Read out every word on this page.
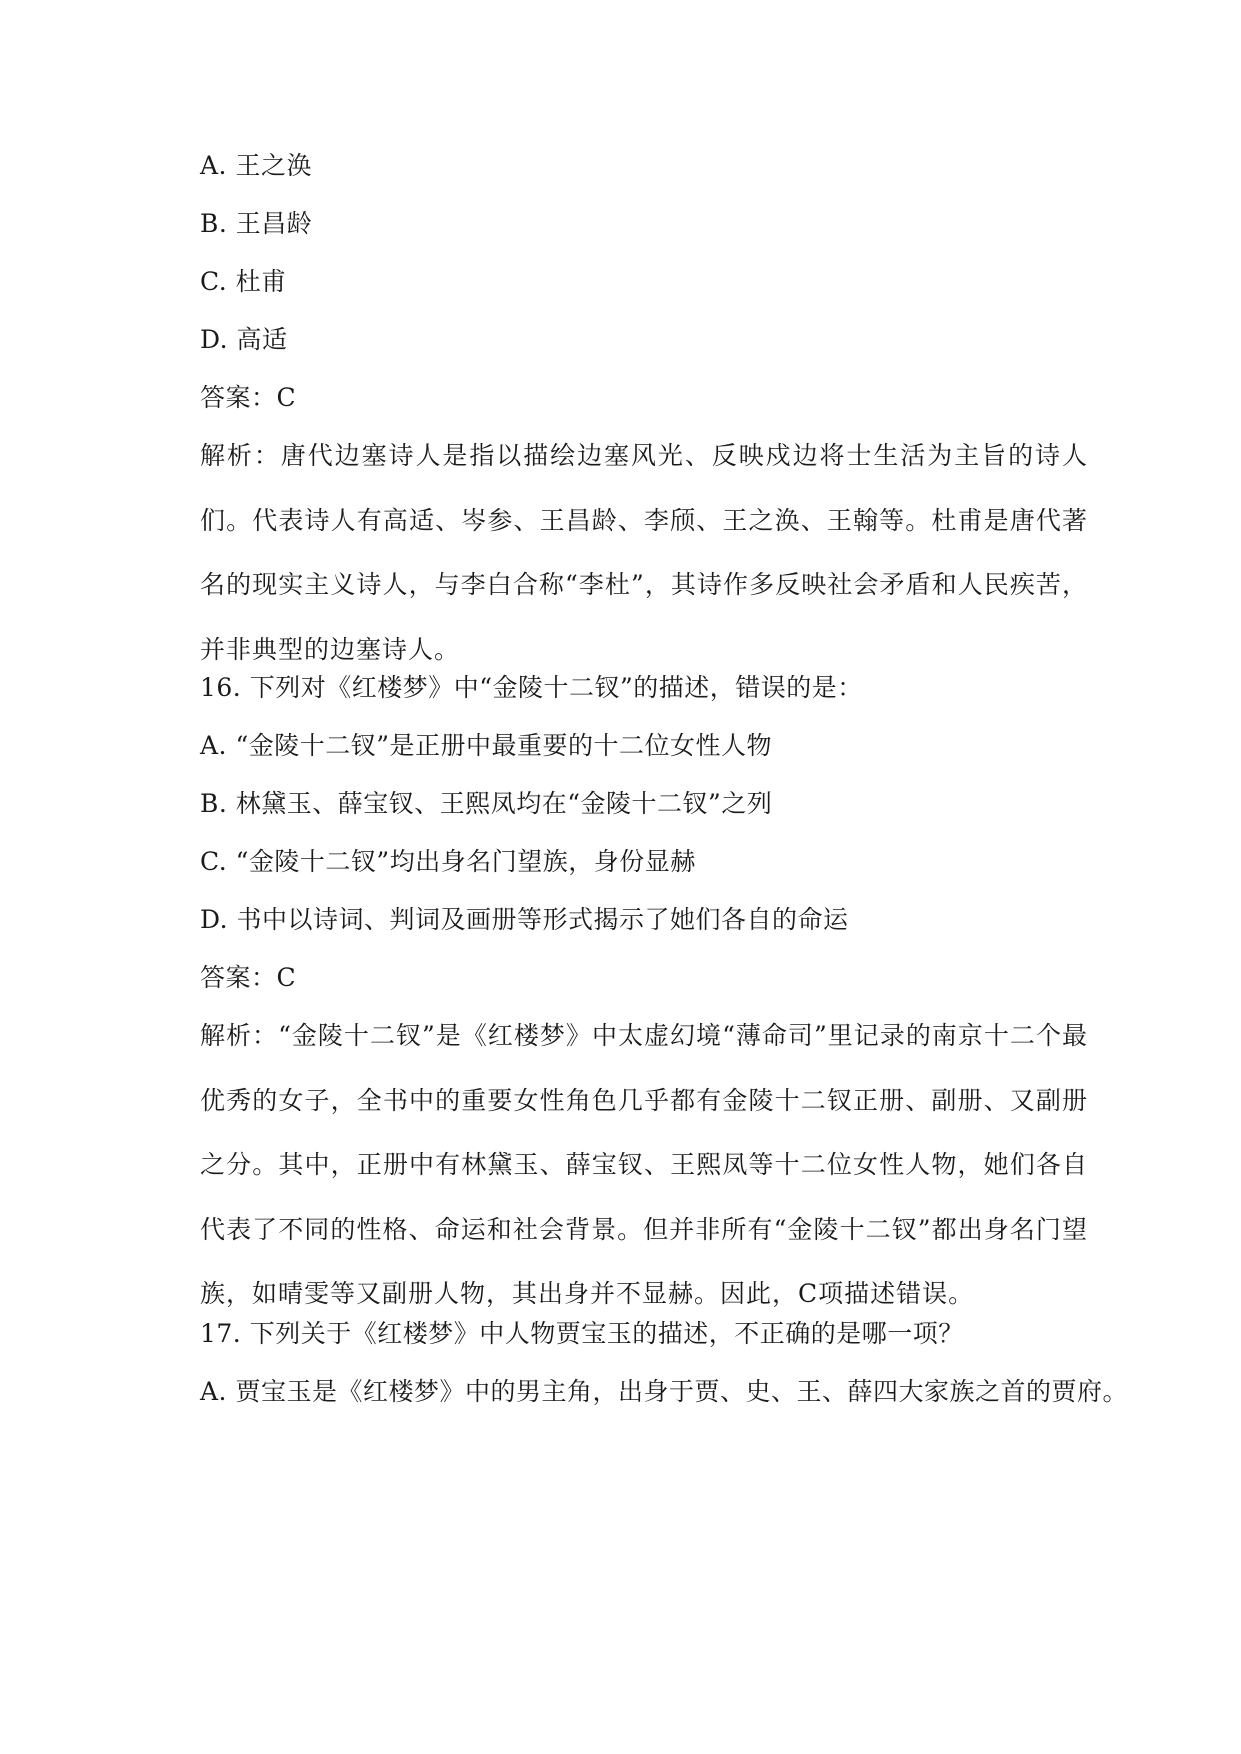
A. 王之涣
B. 王昌龄
C. 杜甫
D. 高适
答案：C
解析：唐代边塞诗人是指以描绘边塞风光、反映戍边将士生活为主旨的诗人们。代表诗人有高适、岑参、王昌龄、李颀、王之涣、王翰等。杜甫是唐代著名的现实主义诗人，与李白合称“李杜”，其诗作多反映社会矛盾和人民疾苦，并非典型的边塞诗人。
16. 下列对《红楼梦》中“金陵十二钗”的描述，错误的是：
A. “金陵十二钗”是正册中最重要的十二位女性人物
B. 林黛玉、薛宝钗、王熙凤均在“金陵十二钗”之列
C. “金陵十二钗”均出身名门望族，身份显赫
D. 书中以诗词、判词及画册等形式揭示了她们各自的命运
答案：C
解析：“金陵十二钗”是《红楼梦》中太虚幻境“薄命司”里记录的南京十二个最优秀的女子，全书中的重要女性角色几乎都有金陵十二钗正册、副册、又副册之分。其中，正册中有林黛玉、薛宝钗、王熙凤等十二位女性人物，她们各自代表了不同的性格、命运和社会背景。但并非所有“金陵十二钗”都出身名门望族，如晴雯等又副册人物，其出身并不显赫。因此，C项描述错误。
17. 下列关于《红楼梦》中人物贾宝玉的描述，不正确的是哪一项？
A. 贾宝玉是《红楼梦》中的男主角，出身于贾、史、王、薛四大家族之首的贾府。
